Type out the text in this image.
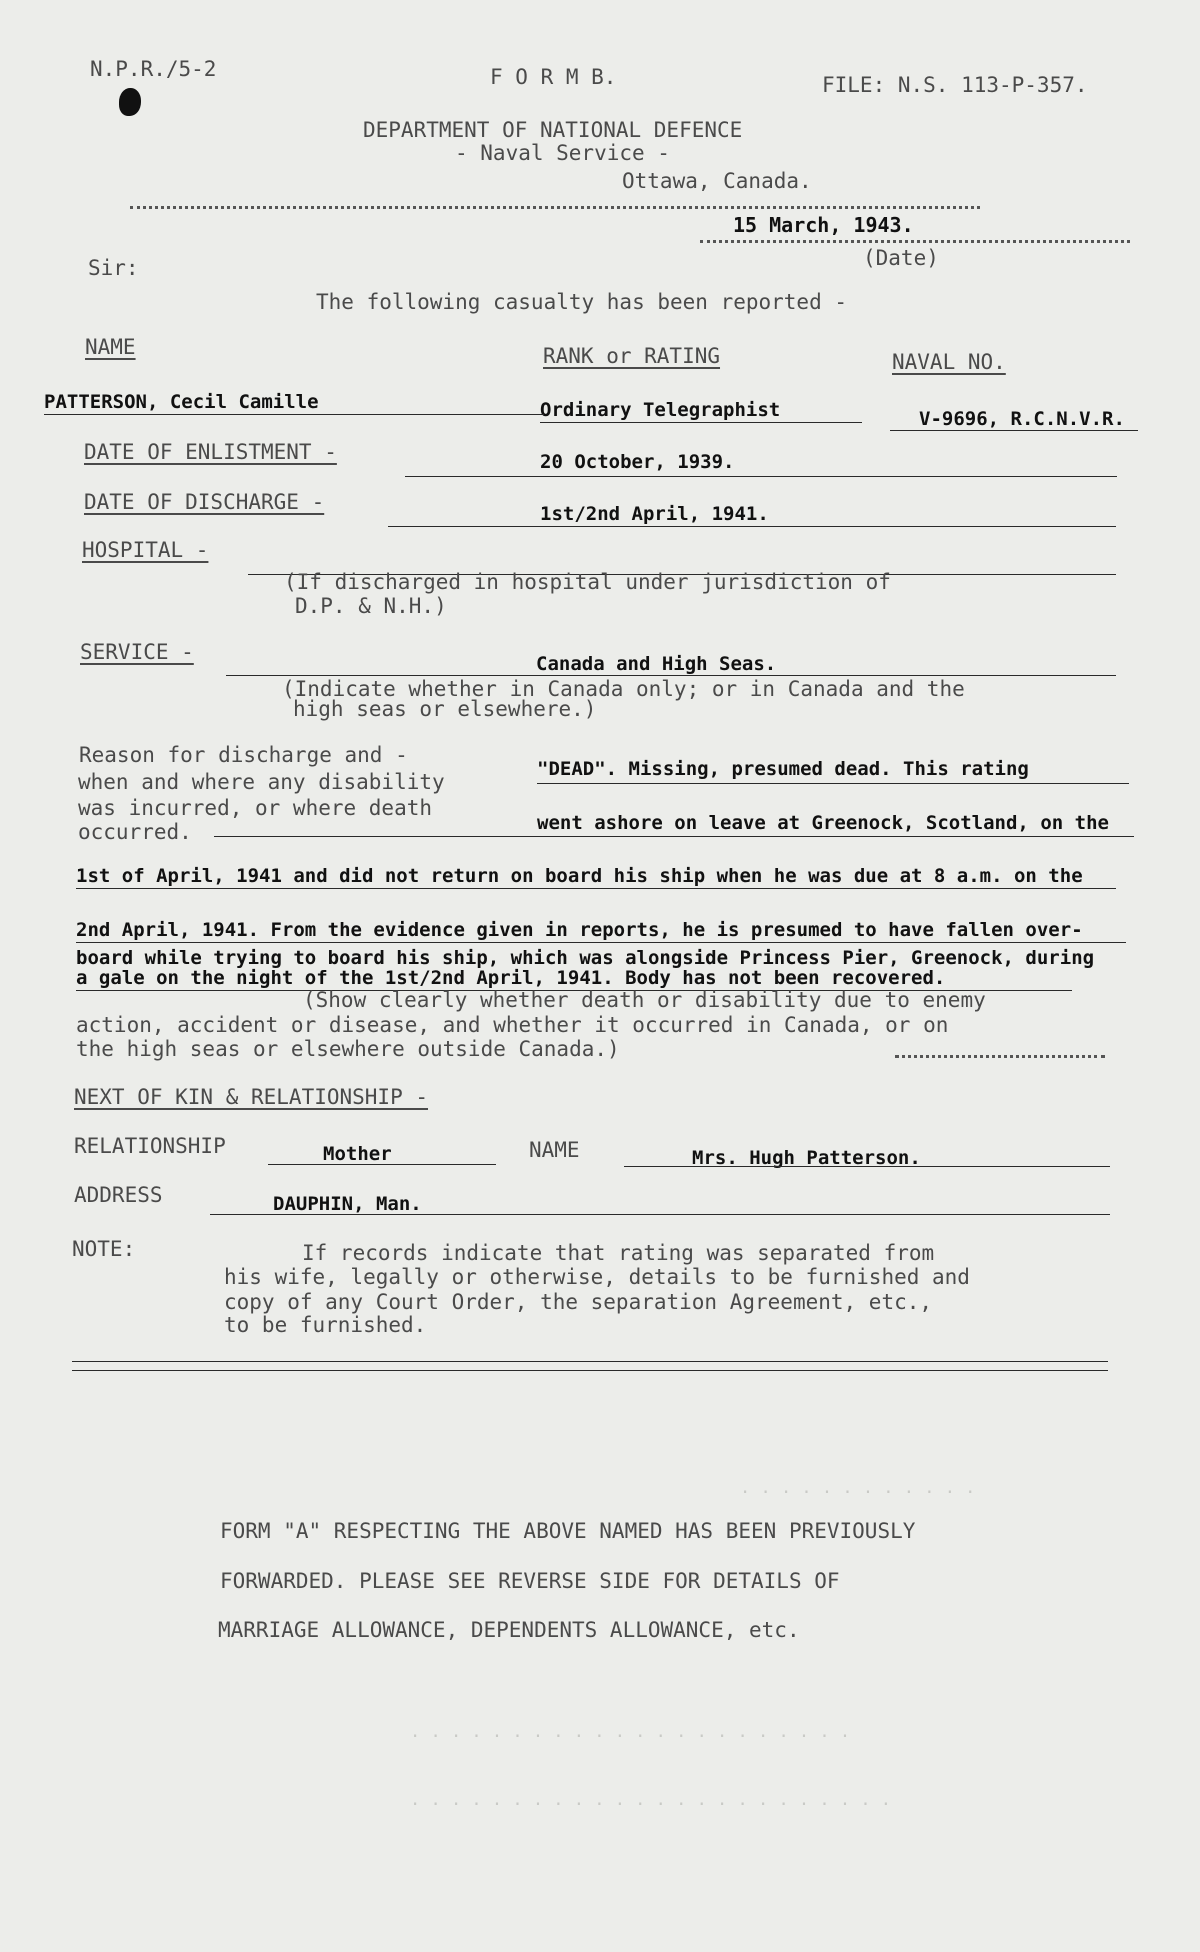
N.P.R./5-2	F O R M B.	FILE: N.S. 113-P-357.
DEPARTMENT OF NATIONAL DEFENCE
- Naval Service -
Ottawa, Canada.
15 March, 1943.
(Date)
Sir:
The following casualty has been reported -
NAME	RANK or RATING	NAVAL NO.
PATTERSON, Cecil Camille	Ordinary Telegraphist	V-9696, R.C.N.V.R.
DATE OF ENLISTMENT -	20 October, 1939.
DATE OF DISCHARGE -	1st/2nd April, 1941.
HOSPITAL -
(If discharged in hospital under jurisdiction of
D.P. & N.H.)
SERVICE -	Canada and High Seas.
(Indicate whether in Canada only; or in Canada and the
high seas or elsewhere.)
Reason for discharge and -
when and where any disability
was incurred, or where death
occurred.
"DEAD". Missing, presumed dead. This rating
went ashore on leave at Greenock, Scotland, on the
1st of April, 1941 and did not return on board his ship when he was due at 8 a.m. on the
2nd April, 1941. From the evidence given in reports, he is presumed to have fallen over-
board while trying to board his ship, which was alongside Princess Pier, Greenock, during
a gale on the night of the 1st/2nd April, 1941. Body has not been recovered.
(Show clearly whether death or disability due to enemy
action, accident or disease, and whether it occurred in Canada, or on
the high seas or elsewhere outside Canada.)
NEXT OF KIN & RELATIONSHIP -
RELATIONSHIP	Mother	NAME	Mrs. Hugh Patterson.
ADDRESS	DAUPHIN, Man.
NOTE:	If records indicate that rating was separated from
his wife, legally or otherwise, details to be furnished and
copy of any Court Order, the separation Agreement, etc.,
to be furnished.
. . . . . . . . . . . .
. . . . . . . . . . . . . . . . . . . . . .
. . . . . . . . . . . . . . . . . . . . . . . .
FORM "A" RESPECTING THE ABOVE NAMED HAS BEEN PREVIOUSLY
FORWARDED. PLEASE SEE REVERSE SIDE FOR DETAILS OF
MARRIAGE ALLOWANCE, DEPENDENTS ALLOWANCE, etc.
